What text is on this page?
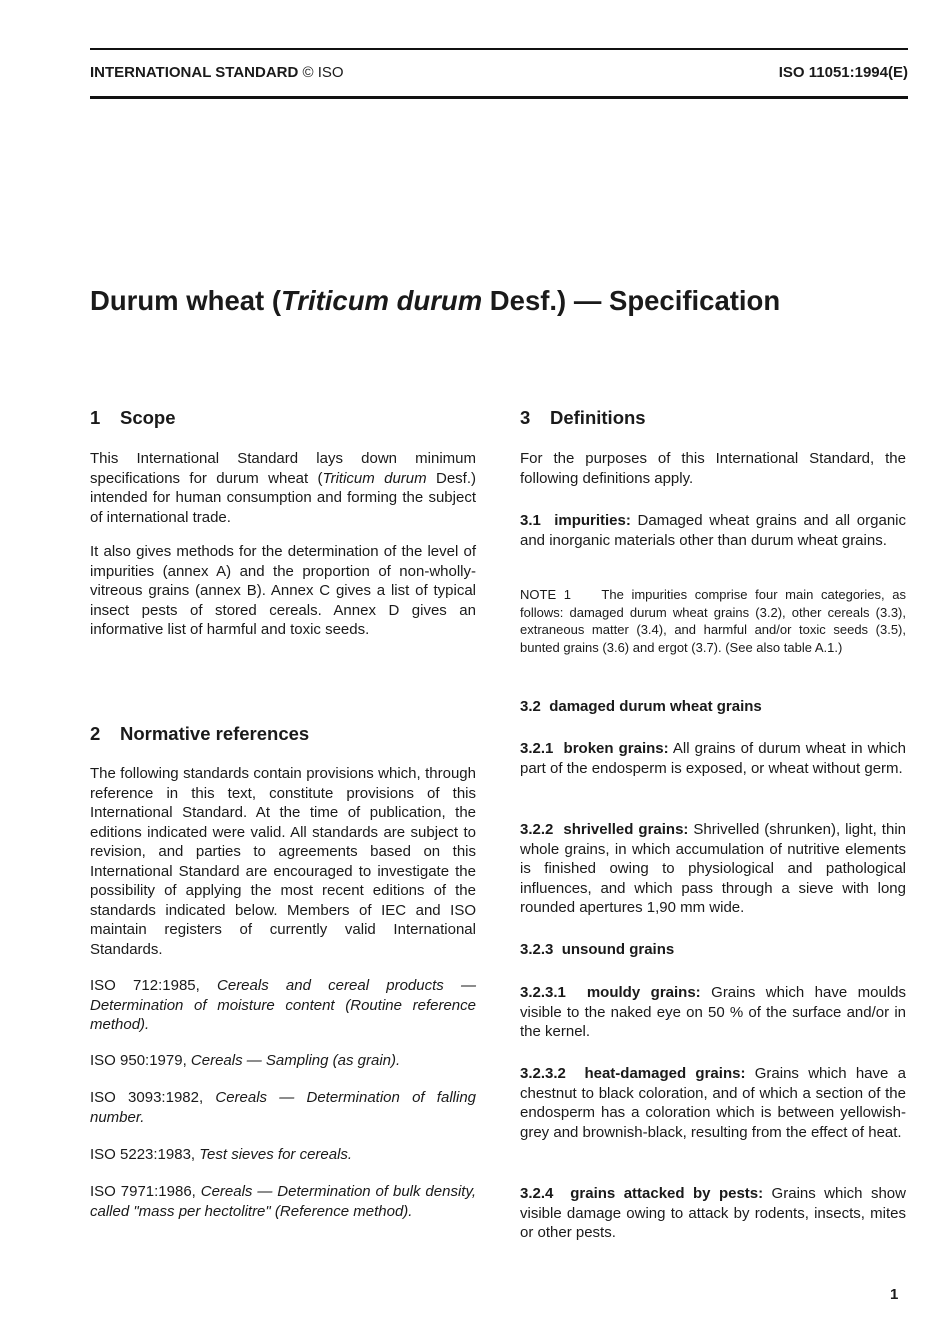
INTERNATIONAL STANDARD © ISO	ISO 11051:1994(E)
Durum wheat (Triticum durum Desf.) — Specification
1 Scope
This International Standard lays down minimum specifications for durum wheat (Triticum durum Desf.) intended for human consumption and forming the subject of international trade.
It also gives methods for the determination of the level of impurities (annex A) and the proportion of non-wholly-vitreous grains (annex B). Annex C gives a list of typical insect pests of stored cereals. Annex D gives an informative list of harmful and toxic seeds.
2 Normative references
The following standards contain provisions which, through reference in this text, constitute provisions of this International Standard. At the time of publication, the editions indicated were valid. All standards are subject to revision, and parties to agreements based on this International Standard are encouraged to investigate the possibility of applying the most recent editions of the standards indicated below. Members of IEC and ISO maintain registers of currently valid International Standards.
ISO 712:1985, Cereals and cereal products — Determination of moisture content (Routine reference method).
ISO 950:1979, Cereals — Sampling (as grain).
ISO 3093:1982, Cereals — Determination of falling number.
ISO 5223:1983, Test sieves for cereals.
ISO 7971:1986, Cereals — Determination of bulk density, called "mass per hectolitre" (Reference method).
3 Definitions
For the purposes of this International Standard, the following definitions apply.
3.1 impurities: Damaged wheat grains and all organic and inorganic materials other than durum wheat grains.
NOTE 1    The impurities comprise four main categories, as follows: damaged durum wheat grains (3.2), other cereals (3.3), extraneous matter (3.4), and harmful and/or toxic seeds (3.5), bunted grains (3.6) and ergot (3.7). (See also table A.1.)
3.2 damaged durum wheat grains
3.2.1 broken grains: All grains of durum wheat in which part of the endosperm is exposed, or wheat without germ.
3.2.2 shrivelled grains: Shrivelled (shrunken), light, thin whole grains, in which accumulation of nutritive elements is finished owing to physiological and pathological influences, and which pass through a sieve with long rounded apertures 1,90 mm wide.
3.2.3 unsound grains
3.2.3.1 mouldy grains: Grains which have moulds visible to the naked eye on 50 % of the surface and/or in the kernel.
3.2.3.2 heat-damaged grains: Grains which have a chestnut to black coloration, and of which a section of the endosperm has a coloration which is between yellowish-grey and brownish-black, resulting from the effect of heat.
3.2.4 grains attacked by pests: Grains which show visible damage owing to attack by rodents, insects, mites or other pests.
1
